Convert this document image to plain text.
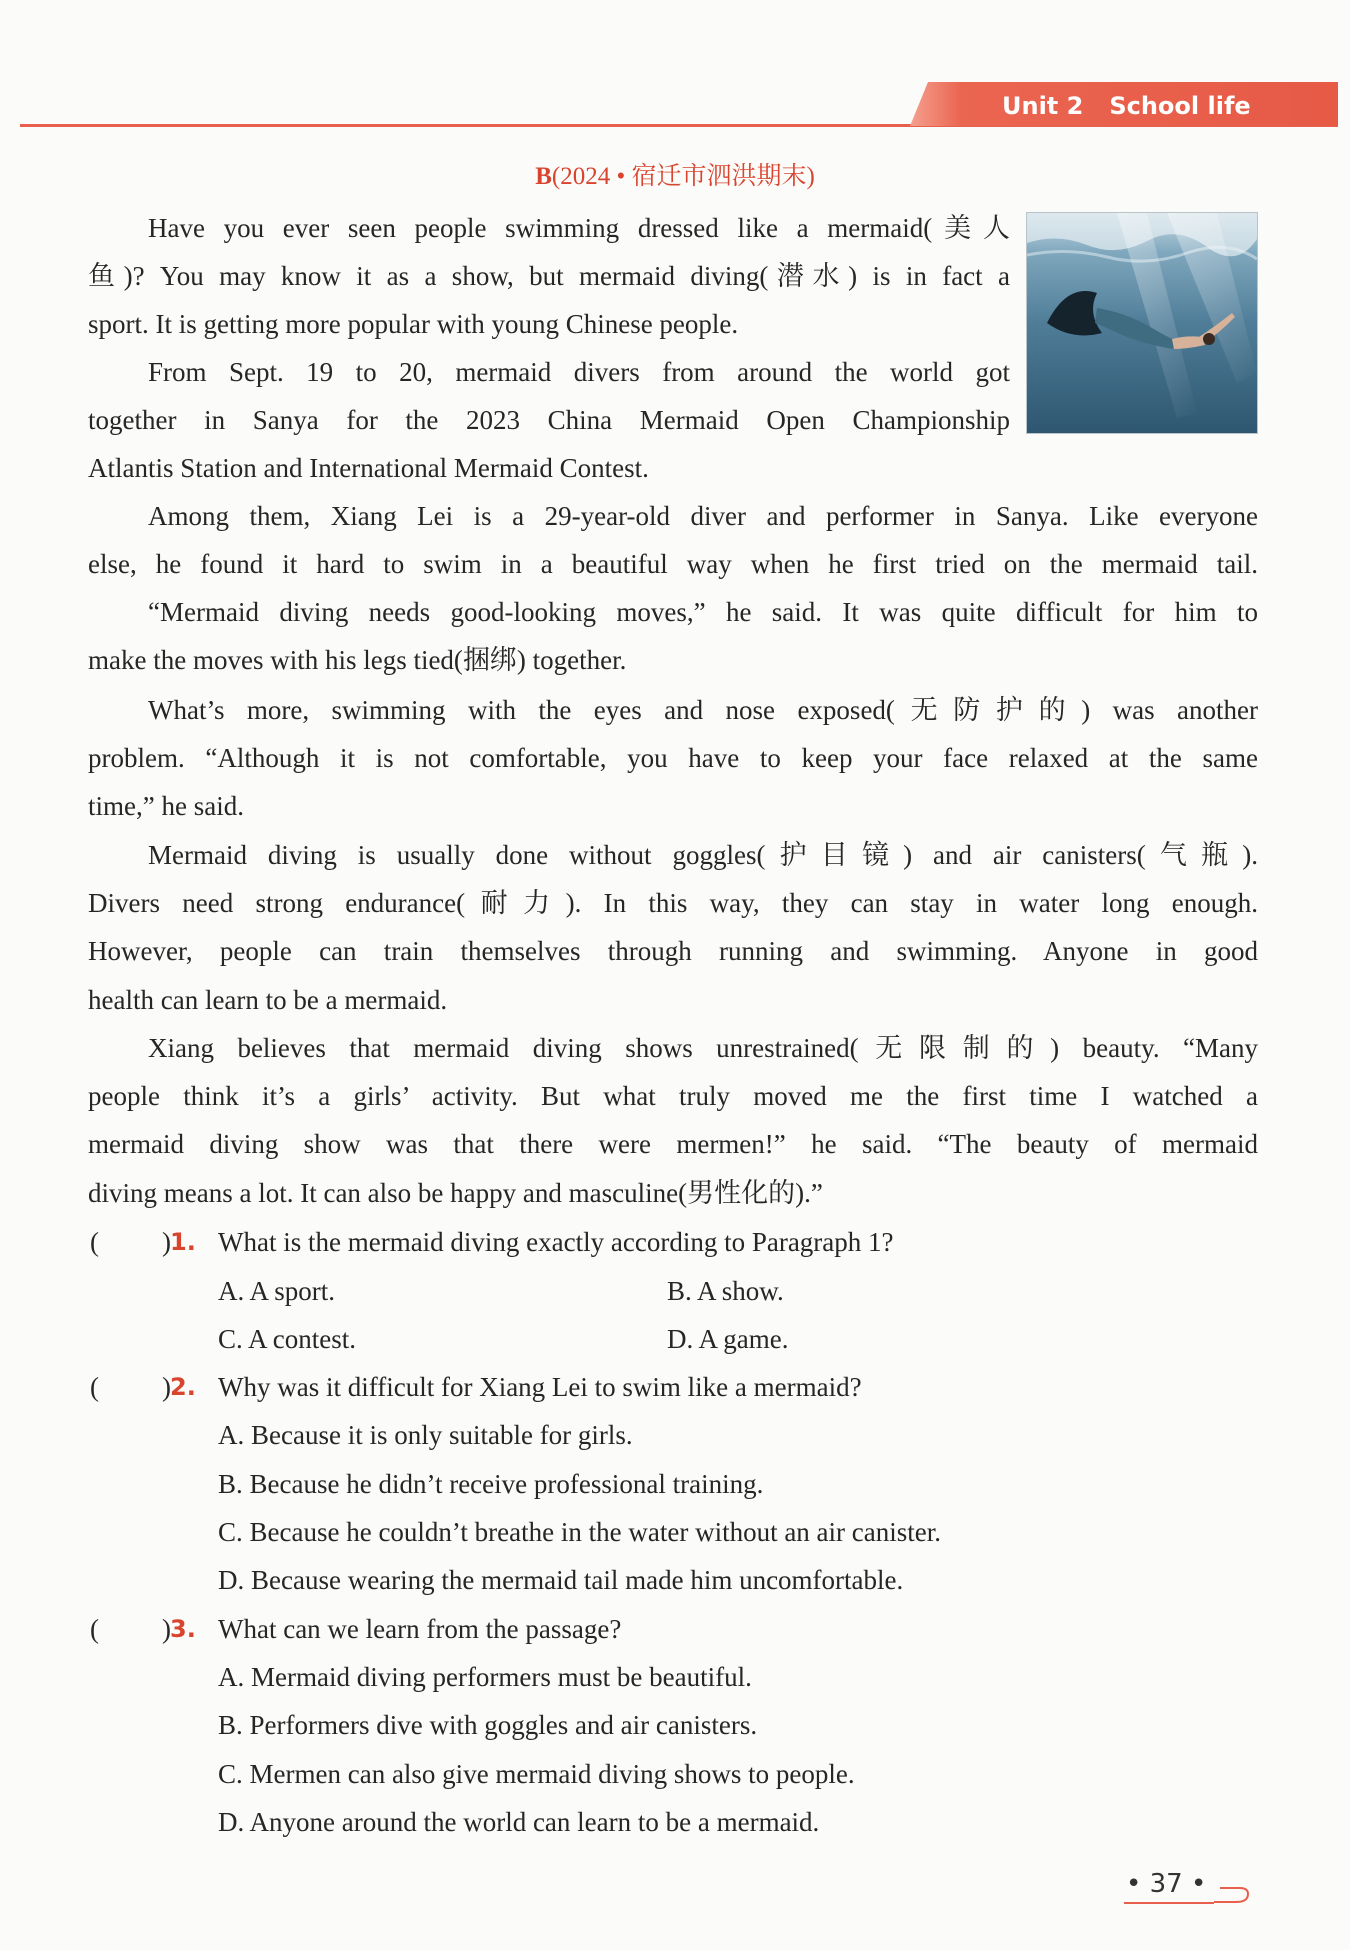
Unit 2 School life
B(2024 • 宿迁市泗洪期末)
Have you ever seen people swimming dressed like a mermaid(美人
鱼)? You may know it as a show, but mermaid diving(潜水) is in fact a
sport. It is getting more popular with young Chinese people.
From Sept. 19 to 20, mermaid divers from around the world got
together in Sanya for the 2023 China Mermaid Open Championship
Atlantis Station and International Mermaid Contest.
Among them, Xiang Lei is a 29-year-old diver and performer in Sanya. Like everyone
else, he found it hard to swim in a beautiful way when he first tried on the mermaid tail.
“Mermaid diving needs good-looking moves,” he said. It was quite difficult for him to
make the moves with his legs tied(捆绑) together.
What’s more, swimming with the eyes and nose exposed(无防护的) was another
problem. “Although it is not comfortable, you have to keep your face relaxed at the same
time,” he said.
Mermaid diving is usually done without goggles(护目镜) and air canisters(气瓶).
Divers need strong endurance(耐力). In this way, they can stay in water long enough.
However, people can train themselves through running and swimming. Anyone in good
health can learn to be a mermaid.
Xiang believes that mermaid diving shows unrestrained(无限制的) beauty. “Many
people think it’s a girls’ activity. But what truly moved me the first time I watched a
mermaid diving show was that there were mermen!” he said. “The beauty of mermaid
diving means a lot. It can also be happy and masculine(男性化的).”
( ) 1. What is the mermaid diving exactly according to Paragraph 1?
A. A sport.	B. A show.
C. A contest.	D. A game.
( ) 2. Why was it difficult for Xiang Lei to swim like a mermaid?
A. Because it is only suitable for girls.
B. Because he didn’t receive professional training.
C. Because he couldn’t breathe in the water without an air canister.
D. Because wearing the mermaid tail made him uncomfortable.
( ) 3. What can we learn from the passage?
A. Mermaid diving performers must be beautiful.
B. Performers dive with goggles and air canisters.
C. Mermen can also give mermaid diving shows to people.
D. Anyone around the world can learn to be a mermaid.
• 37 •
